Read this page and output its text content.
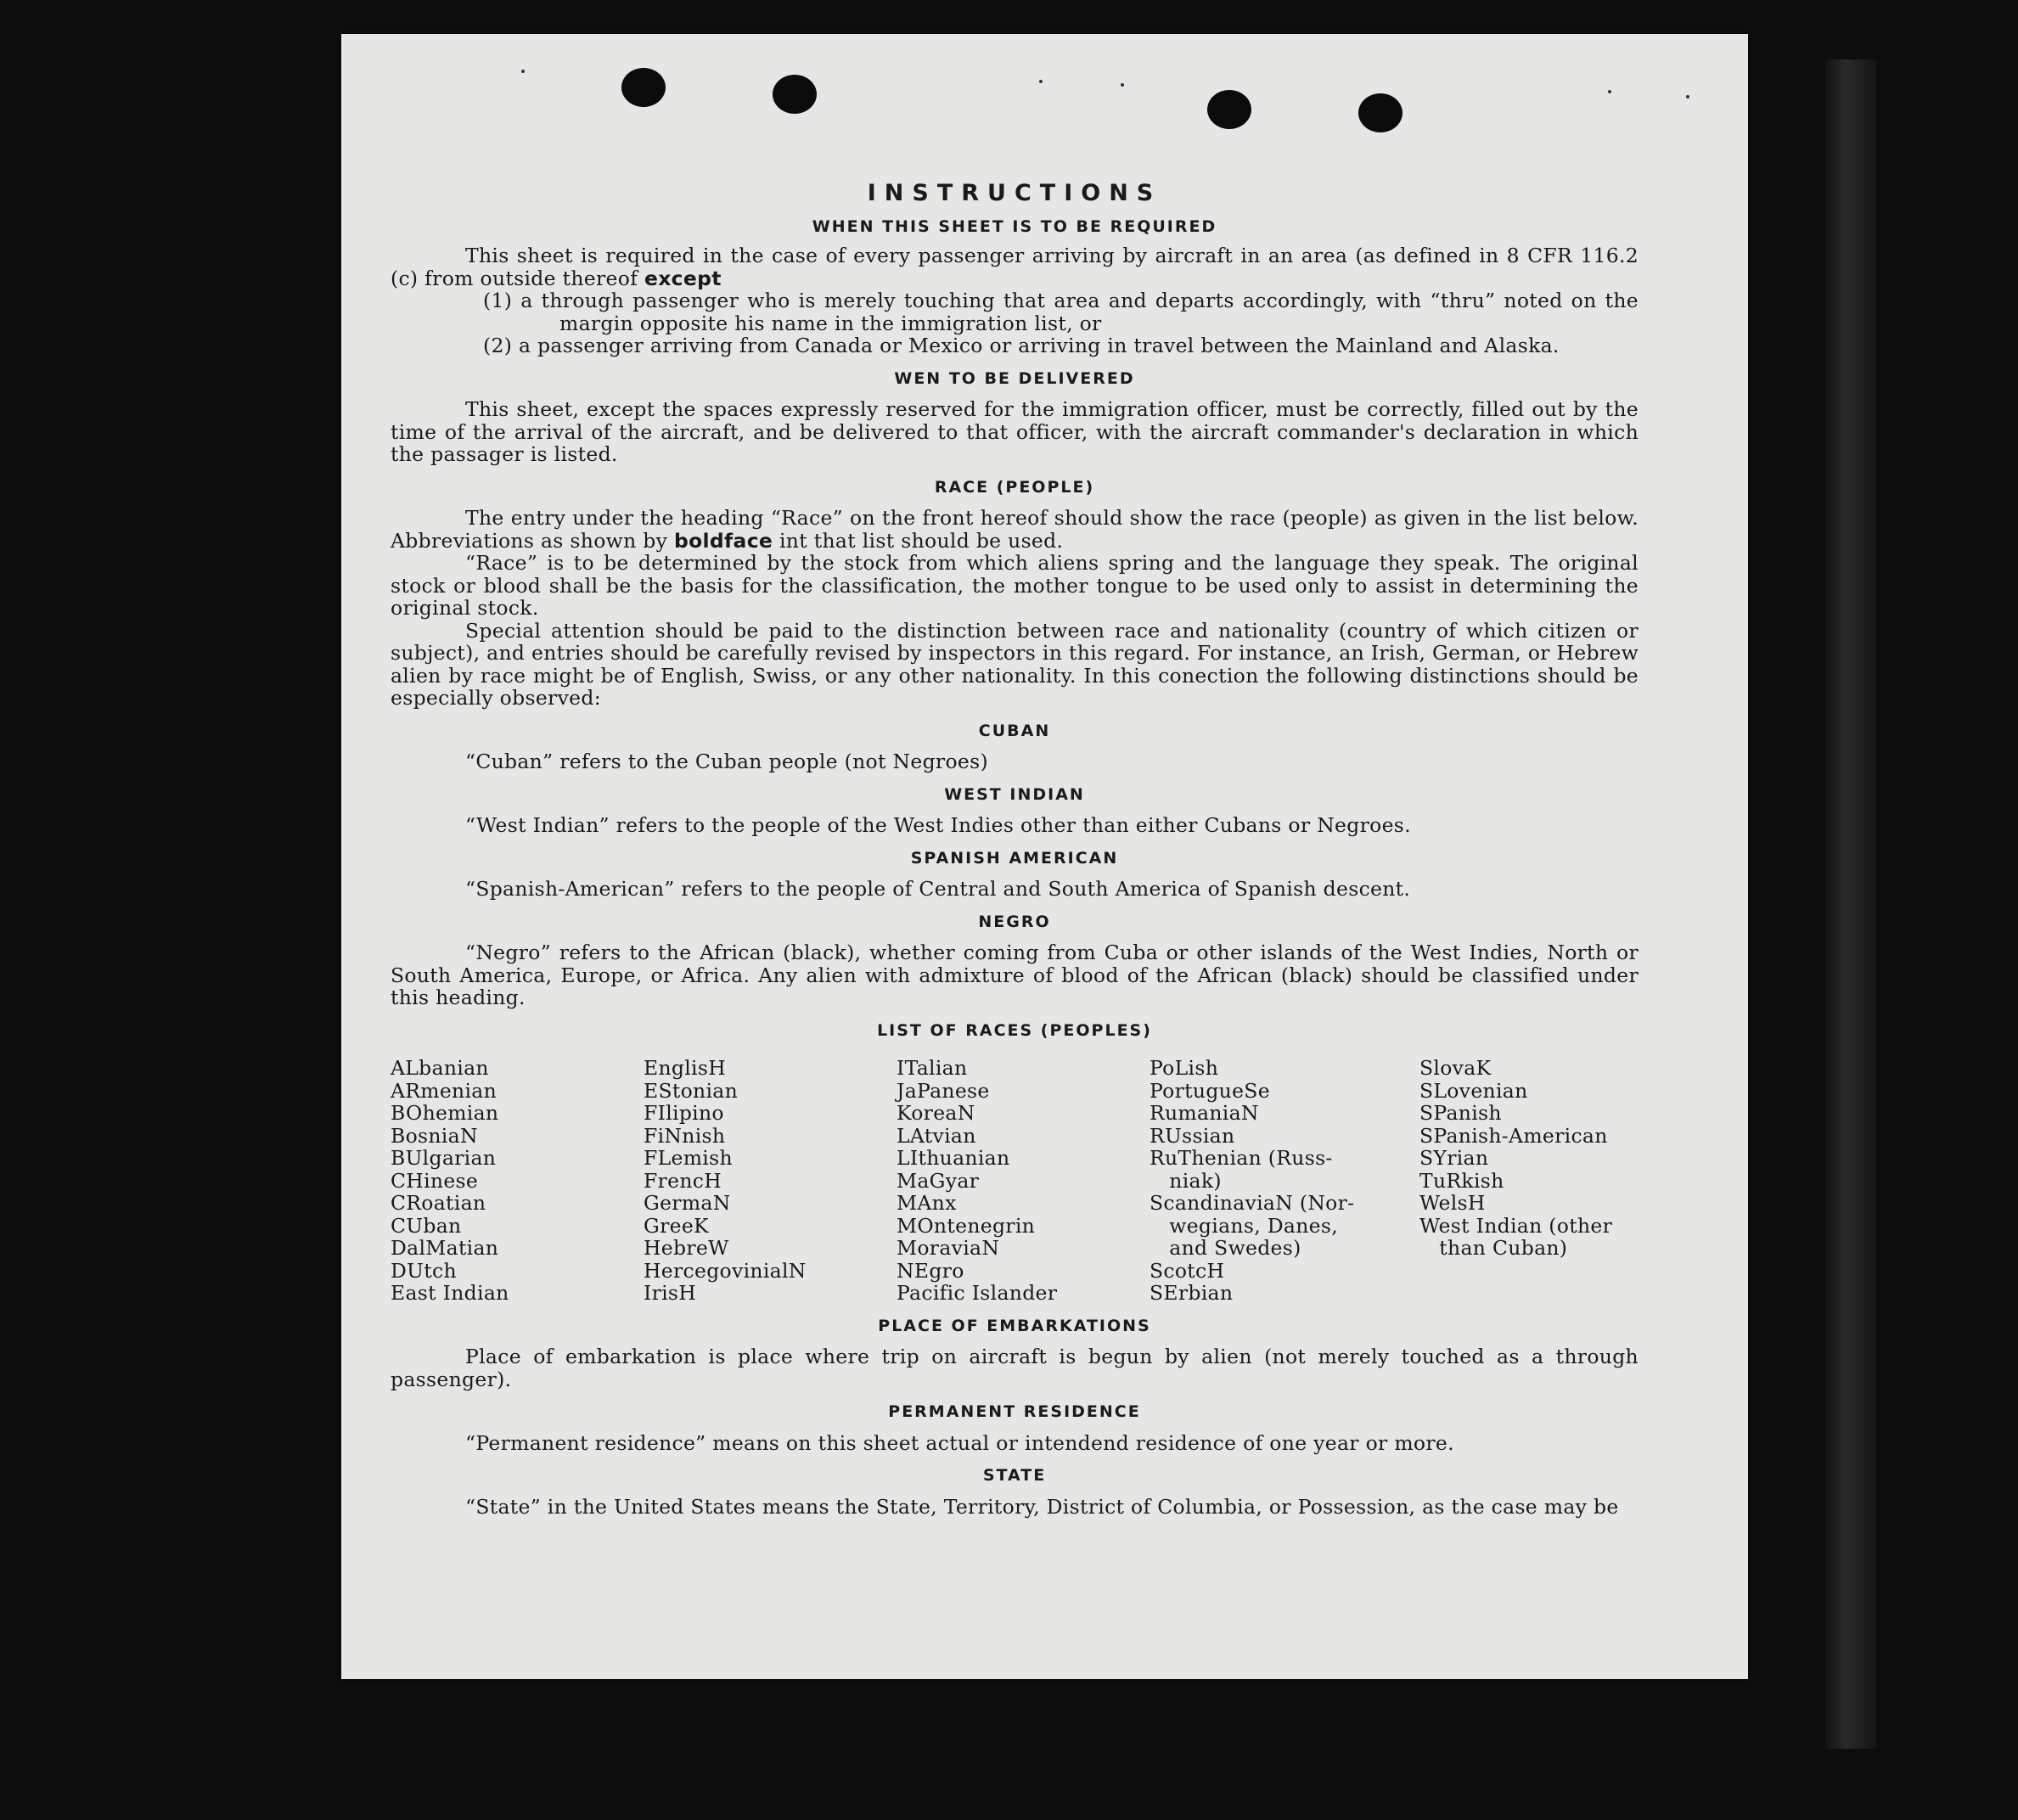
INSTRUCTIONS
WHEN THIS SHEET IS TO BE REQUIRED

This sheet is required in the case of every passenger arriving by aircraft in an area (as defined in 8 CFR 116.2 (c) from outside thereof except

(1) a through passenger who is merely touching that area and departs accordingly, with “thru” noted on the margin opposite his name in the immigration list, or

(2) a passenger arriving from Canada or Mexico or arriving in travel between the Mainland and Alaska.

WEN TO BE DELIVERED

This sheet, except the spaces expressly reserved for the immigration officer, must be correctly, filled out by the time of the arrival of the aircraft, and be delivered to that officer, with the aircraft commander's declaration in which the passager is listed.

RACE (PEOPLE)

The entry under the heading “Race” on the front hereof should show the race (people) as given in the list below. Abbreviations as shown by boldface int that list should be used.

“Race” is to be determined by the stock from which aliens spring and the language they speak. The original stock or blood shall be the basis for the classification, the mother tongue to be used only to assist in determining the original stock.

Special attention should be paid to the distinction between race and nationality (country of which citizen or subject), and entries should be carefully revised by inspectors in this regard. For instance, an Irish, German, or Hebrew alien by race might be of English, Swiss, or any other nationality. In this conection the following distinctions should be especially observed:

CUBAN

“Cuban” refers to the Cuban people (not Negroes)

WEST INDIAN

“West Indian” refers to the people of the West Indies other than either Cubans or Negroes.

SPANISH AMERICAN

“Spanish-American” refers to the people of Central and South America of Spanish descent.

NEGRO

“Negro” refers to the African (black), whether coming from Cuba or other islands of the West Indies, North or South America, Europe, or Africa. Any alien with admixture of blood of the African (black) should be classified under this heading.

LIST OF RACES (PEOPLES)
ALbanian
ARmenian
BOhemian
BosniaN
BUlgarian
CHinese
CRoatian
CUban
DalMatian
DUtch
East Indian
EnglisH
EStonian
FIlipino
FiNnish
FLemish
FrencH
GermaN
GreeK
HebreW
HercegovinialN
IrisH
ITalian
JaPanese
KoreaN
LAtvian
LIthuanian
MaGyar
MAnx
MOntenegrin
MoraviaN
NEgro
Pacific Islander
PoLish
PortugueSe
RumaniaN
RUssian
RuThenian (Russ-
niak)
ScandinaviaN (Nor-
wegians, Danes,
and Swedes)
ScotcH
SErbian
SlovaK
SLovenian
SPanish
SPanish-American
SYrian
TuRkish
WelsH
West Indian (other
than Cuban)
PLACE OF EMBARKATIONS

Place of embarkation is place where trip on aircraft is begun by alien (not merely touched as a through passenger).

PERMANENT RESIDENCE

“Permanent residence” means on this sheet actual or intendend residence of one year or more.

STATE

“State” in the United States means the State, Territory, District of Columbia, or Possession, as the case may be
